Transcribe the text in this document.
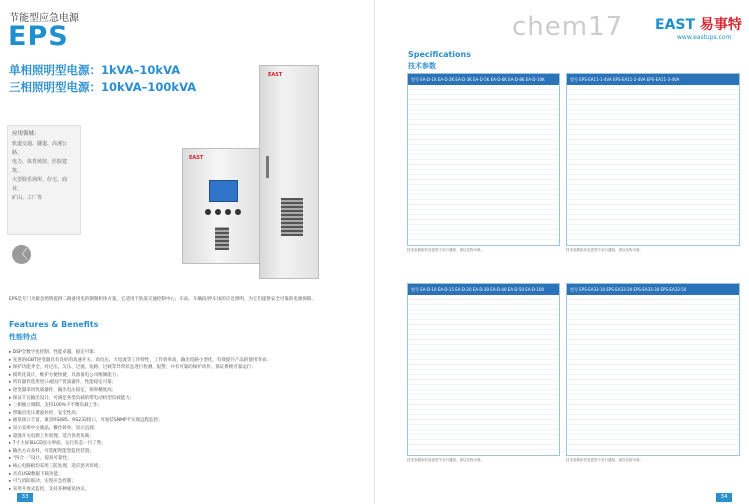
节能型应急电源
EPS
单相照明型电源：1kVA–10kVA
三相照明型电源：10kVA–100kVA
应用领域：
轨道交通、隧道、高速公路、
电力、体育场馆、医院建筑、
大型娱乐场所、住宅、商业、
矿山、工厂等
〈
EAST
EAST
EPS是专门为紧急照明提供二路备用电的钢制柜体方案，它适用于轨道交通控制中心、车站、车辆段/停车场的应急照明，为它们提供安全可靠的电源保障。
Features & Benefits
性能特点
▸ DSP全数字化控制，性能卓越，稳定可靠；
▸ 先进的IGBT逆变器具有良好的高速开关、高电压、大电流等工作特性，工作效率高，输出电路小型化，有效提升产品的使用寿命；
▸ 保护功能齐全，对过压、欠压、过流、短路、过载等异常状态进行检测，报警，并有可靠的保护动作，保证系统可靠运行；
▸ 模块化设计，维护方便快捷，具备备电公司维修能力；
▸ 所有器件选用进口或国产优质器件，性能稳定可靠；
▸ 逆变器采用优质器件，输出电压稳定，频率精度高；
▸ 保证千瓦输出设计，可满足各类负载的带电动机型负载能力；
▸ 三相独立调制，支持100%不平衡负载工作；
▸ 带输出电压谐波补偿，安全性高；
▸ 通讯接口丰富，兼容RS485、RS232接口，可加装SNMP卡实现远程监控；
▸ 显示采用中文液晶，操作简单，显示直观；
▸ 超强开关电源工作原理，适合各类负载；
▸ 7寸大屏幕LCD显示界面，运行状态一目了然；
▸ 输出方式多样，可选配智能型监控装置；
▸ “四合一”设计，提高可靠性；
▸ 核心电路板均采用三防处理，适应恶劣环境；
▸ 具有USB数据下载功能；
▸ 可与消防联动，实现应急控制；
▸ 采用开放式监控，支持多种通讯协议。
33	34
chem17 EAST 易事特
www.eastups.com
Specifications
技术参数
型号 EA-D-1K EA-D-2K EA-D-3K EA-D-5K EA-D-6K EA-D-8K EA-D-10K	型号 EPS-EA11-1-4VA EPS-EA11-2-4VA EPS-EA11-3-4VA
技术参数如有变更恕不另行通知，请以实物为准。	技术参数如有变更恕不另行通知，请以实物为准。
型号 EA-D-10 EA-D-15 EA-D-20 EA-D-30 EA-D-40 EA-D-50 EA-D-100	型号 EPS-EA33-10 EPS-EA33-20 EPS-EA33-30 EPS-EA33-50
技术参数如有变更恕不另行通知，请以实物为准。	技术参数如有变更恕不另行通知，请以实物为准。
